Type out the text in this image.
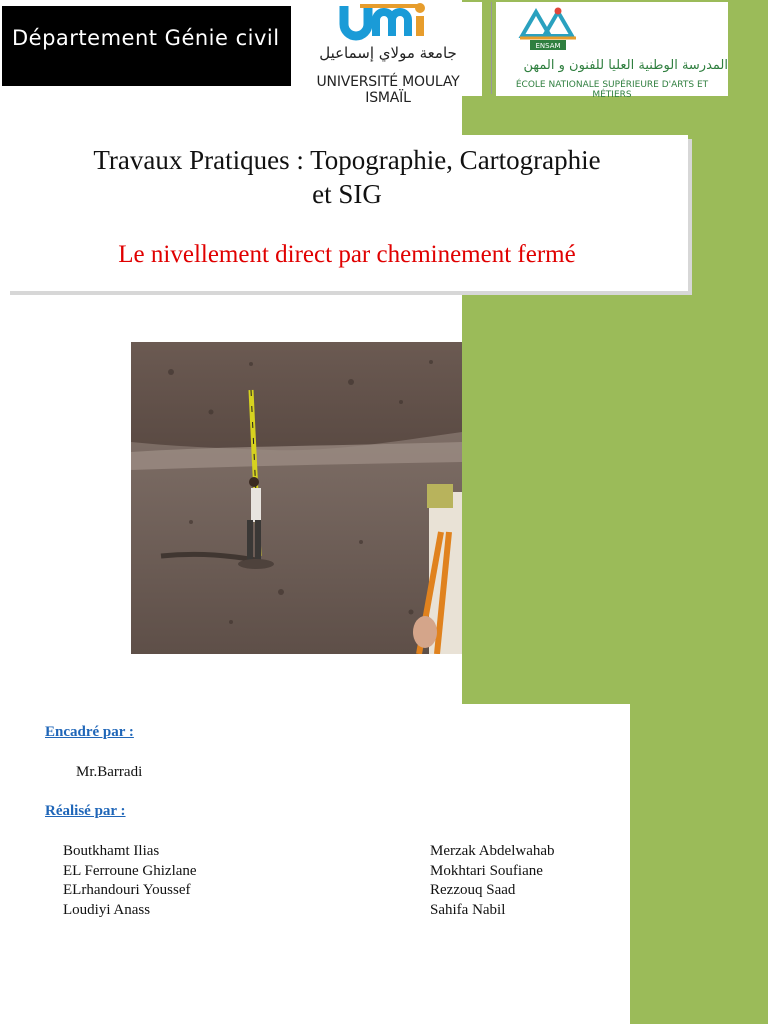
Département Génie civil
جامعة مولاي إسماعيل
UNIVERSITÉ MOULAY ISMAÏL
ENSAM
المدرسة الوطنية العليا للفنون و المهن
ÉCOLE NATIONALE SUPÉRIEURE D'ARTS ET MÉTIERS
Travaux Pratiques : Topographie, Cartographie
et SIG
Le nivellement direct par cheminement fermé
Encadré par :
Mr.Barradi
Réalisé par :
Boutkhamt Ilias
EL Ferroune Ghizlane
ELrhandouri Youssef
Loudiyi Anass
Merzak Abdelwahab
Mokhtari Soufiane
Rezzouq Saad
Sahifa Nabil
